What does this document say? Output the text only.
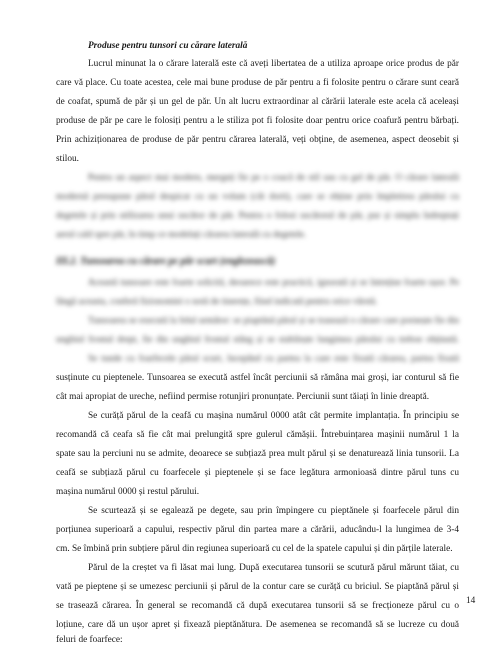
Produse pentru tunsori cu cărare laterală
Lucrul minunat la o cărare laterală este că aveți libertatea de a utiliza aproape orice produs de păr
care vă place. Cu toate acestea, cele mai bune produse de păr pentru a fi folosite pentru o cărare sunt ceară
de coafat, spumă de păr și un gel de păr. Un alt lucru extraordinar al cărării laterale este acela că aceleași
produse de păr pe care le folosiți pentru a le stiliza pot fi folosite doar pentru orice coafură pentru bărbați.
Prin achiziționarea de produse de păr pentru cărarea laterală, veți obține, de asemenea, aspect deosebit și
stilou.
Pentru un aspect mai modern, mergeți fie pe o coacă de stil sau cu gel de păr. O cărare laterală
modernă presupune părul despicat cu un volum (cât dorit), care se obține prin împletirea părului cu
degetele și prin utilizarea unui uscător de păr. Pentru o folosi uscătorul de păr, pur și simplu îndreptați
aerul cald spre păr, în timp ce modelați cărarea laterală cu degetele.
III.2. Tunsoarea cu cărare pe păr scurt (englezească)
Această tunsoare este foarte solicită, deoarece este practică, ignorată și se întreține foarte ușor. Pe
lângă aceasta, conferă fizionomiei o notă de tinerețe, fiind indicată pentru orice vârstă.
Tunsoarea se execută la felul următor: se piaptănă părul și se trasează o cărare care pornește fie din
unghiul frontal drept, fie din unghiul frontal stâng și se stabilește lungimea părului cu treboe obținută.
Se tunde cu foarfecele părul scurt, începând cu partea la care este fixată cărarea, partea fixată
susținute cu pieptenele. Tunsoarea se execută astfel încât perciunii să rămâna mai groși, iar conturul să fie
cât mai apropiat de ureche, nefiind permise rotunjiri pronunțate. Perciunii sunt tăiați în linie dreaptă.
Se curăță părul de la ceafă cu mașina numărul 0000 atât cât permite implantația. În principiu se
recomandă că ceafa să fie cât mai prelungită spre gulerul cămășii. Întrebuințarea mașinii numărul 1 la
spate sau la perciuni nu se admite, deoarece se subțiază prea mult părul și se denaturează linia tunsorii. La
ceafă se subțiază părul cu foarfecele și pieptenele și se face legătura armonioasă dintre părul tuns cu
mașina numărul 0000 și restul părului.
Se scurtează și se egalează pe degete, sau prin împingere cu pieptănele și foarfecele părul din
porțiunea superioară a capului, respectiv părul din partea mare a cărării, aducându-l la lungimea de 3-4
cm. Se îmbină prin subțiere părul din regiunea superioară cu cel de la spatele capului și din părțile laterale.
Părul de la creștet va fi lăsat mai lung. După executarea tunsorii se scutură părul mărunt tăiat, cu
vată pe pieptene și se umezesc perciunii și părul de la contur care se curăță cu briciul. Se piaptănă părul și
se trasează cărarea. În general se recomandă că după executarea tunsorii să se frecționeze părul cu o
loțiune, care dă un ușor apret și fixează pieptănătura. De asemenea se recomandă să se lucreze cu două
feluri de foarfece:
14
